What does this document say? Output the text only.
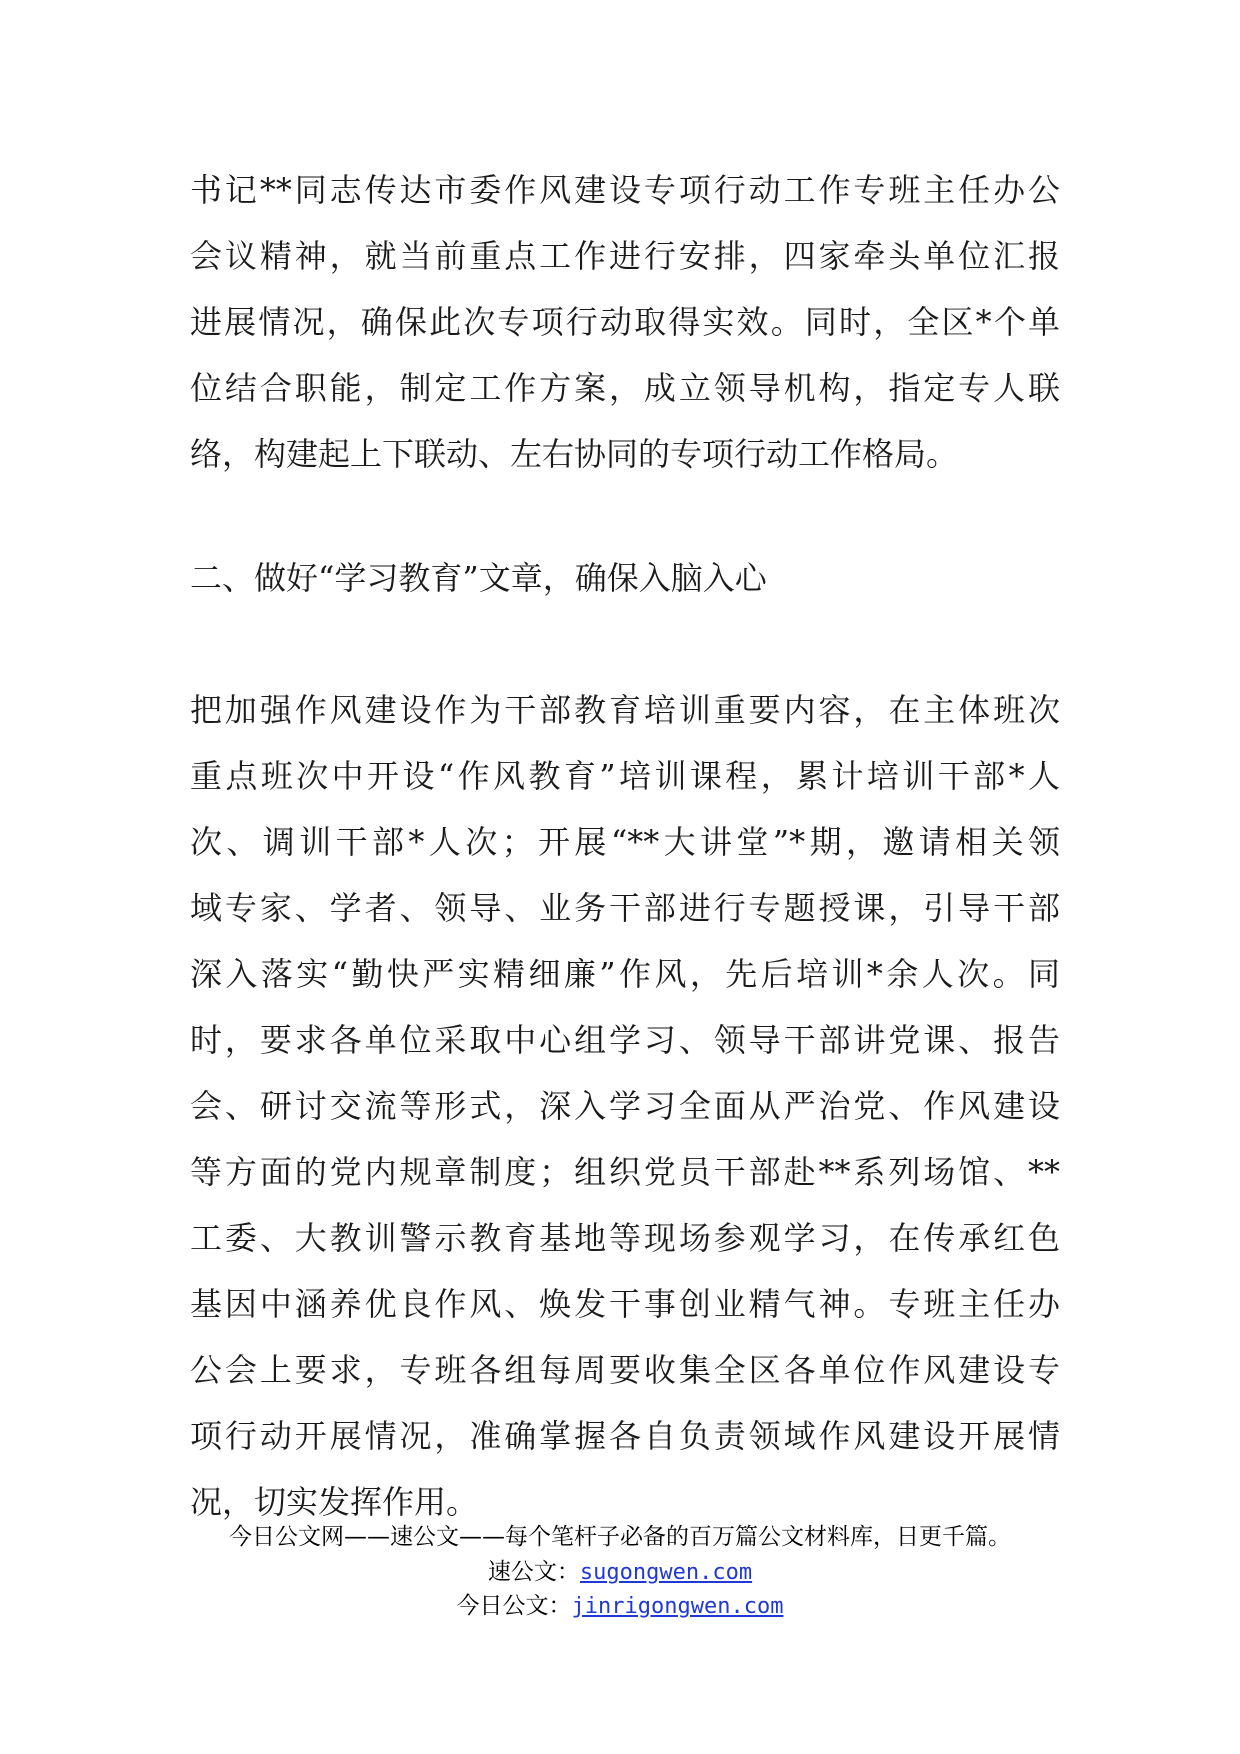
书记**同志传达市委作风建设专项行动工作专班主任办公
会议精神，就当前重点工作进行安排，四家牵头单位汇报
进展情况，确保此次专项行动取得实效。同时，全区*个单
位结合职能，制定工作方案，成立领导机构，指定专人联
络，构建起上下联动、左右协同的专项行动工作格局。
二、做好“学习教育”文章，确保入脑入心
把加强作风建设作为干部教育培训重要内容，在主体班次
重点班次中开设“作风教育”培训课程，累计培训干部*人
次、调训干部*人次；开展“**大讲堂”*期，邀请相关领
域专家、学者、领导、业务干部进行专题授课，引导干部
深入落实“勤快严实精细廉”作风，先后培训*余人次。同
时，要求各单位采取中心组学习、领导干部讲党课、报告
会、研讨交流等形式，深入学习全面从严治党、作风建设
等方面的党内规章制度；组织党员干部赴**系列场馆、**
工委、大教训警示教育基地等现场参观学习，在传承红色
基因中涵养优良作风、焕发干事创业精气神。专班主任办
公会上要求，专班各组每周要收集全区各单位作风建设专
项行动开展情况，准确掌握各自负责领域作风建设开展情
况，切实发挥作用。
今日公文网——速公文——每个笔杆子必备的百万篇公文材料库，日更千篇。
速公文：sugongwen.com
今日公文：jinrigongwen.com
